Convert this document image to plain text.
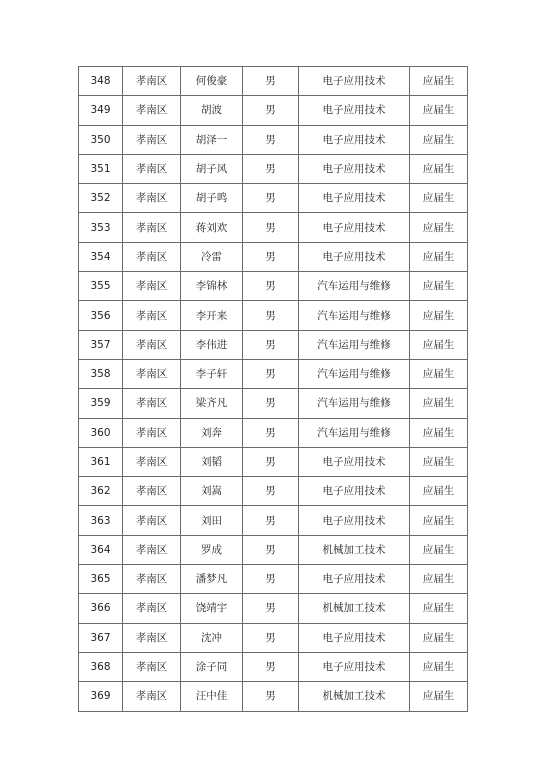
348	孝南区	何俊豪	男	电子应用技术	应届生
349	孝南区	胡波	男	电子应用技术	应届生
350	孝南区	胡泽一	男	电子应用技术	应届生
351	孝南区	胡子风	男	电子应用技术	应届生
352	孝南区	胡子鸣	男	电子应用技术	应届生
353	孝南区	蒋刘欢	男	电子应用技术	应届生
354	孝南区	冷雷	男	电子应用技术	应届生
355	孝南区	李锦林	男	汽车运用与维修	应届生
356	孝南区	李开来	男	汽车运用与维修	应届生
357	孝南区	李伟进	男	汽车运用与维修	应届生
358	孝南区	李子轩	男	汽车运用与维修	应届生
359	孝南区	梁齐凡	男	汽车运用与维修	应届生
360	孝南区	刘奔	男	汽车运用与维修	应届生
361	孝南区	刘韬	男	电子应用技术	应届生
362	孝南区	刘嵩	男	电子应用技术	应届生
363	孝南区	刘田	男	电子应用技术	应届生
364	孝南区	罗成	男	机械加工技术	应届生
365	孝南区	潘梦凡	男	电子应用技术	应届生
366	孝南区	饶靖宇	男	机械加工技术	应届生
367	孝南区	沈冲	男	电子应用技术	应届生
368	孝南区	涂子同	男	电子应用技术	应届生
369	孝南区	汪中佳	男	机械加工技术	应届生
